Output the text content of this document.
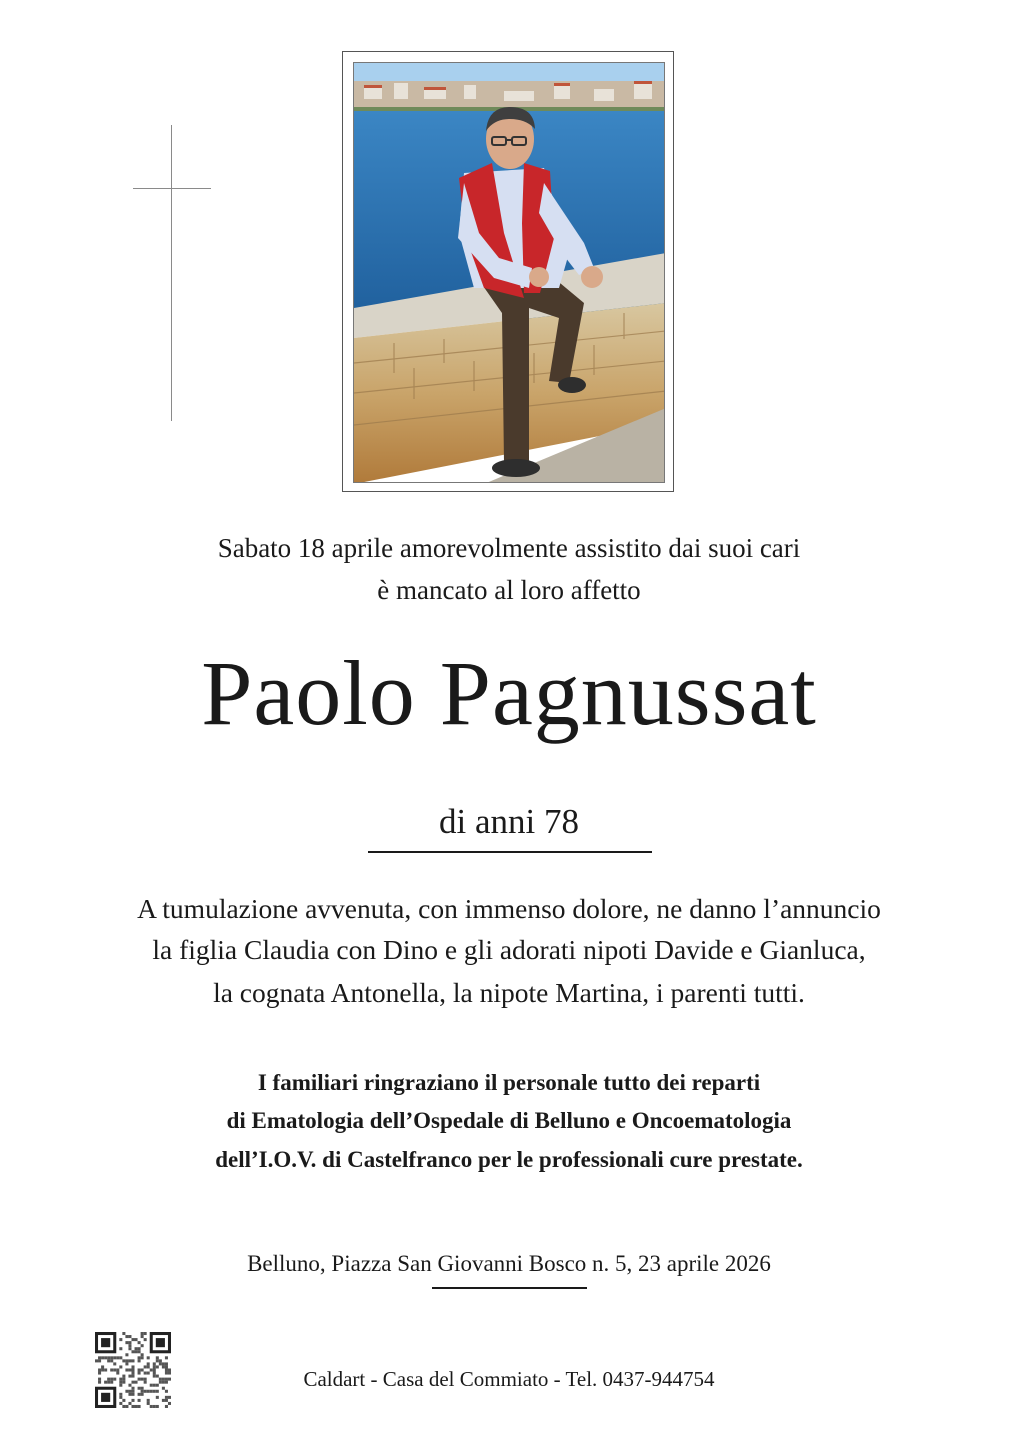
Sabato 18 aprile amorevolmente assistito dai suoi cari
è mancato al loro affetto
Paolo Pagnussat
di anni 78
A tumulazione avvenuta, con immenso dolore, ne danno l’annuncio
la figlia Claudia con Dino e gli adorati nipoti Davide e Gianluca,
la cognata Antonella, la nipote Martina, i parenti tutti.
I familiari ringraziano il personale tutto dei reparti
di Ematologia dell’Ospedale di Belluno e Oncoematologia
dell’I.O.V. di Castelfranco per le professionali cure prestate.
Belluno, Piazza San Giovanni Bosco n. 5, 23 aprile 2026
Caldart - Casa del Commiato - Tel. 0437-944754
